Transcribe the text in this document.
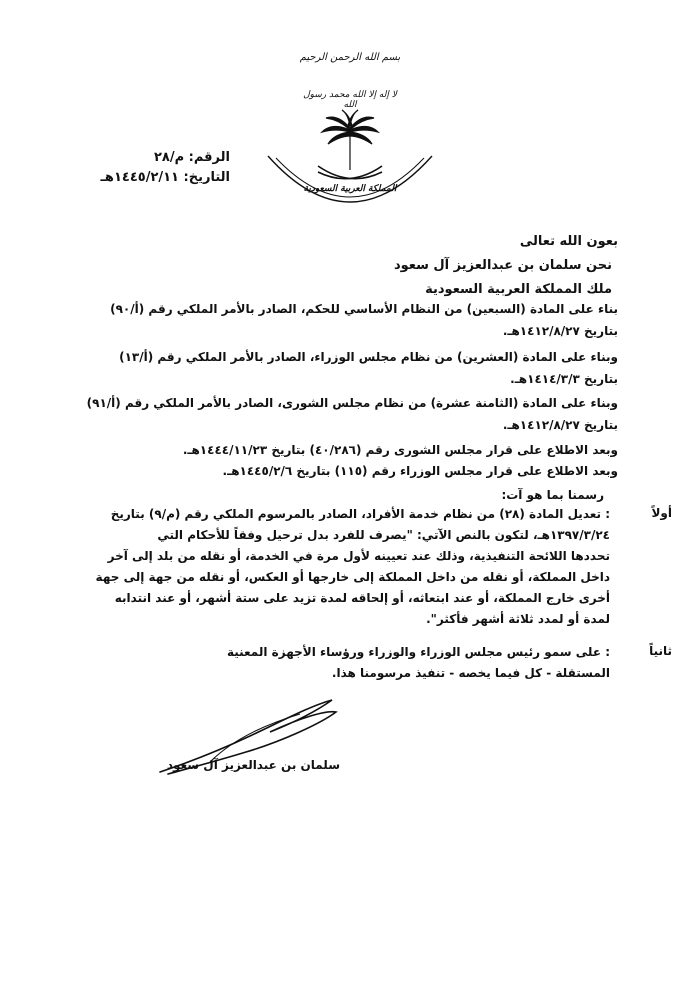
بسم الله الرحمن الرحيم
لا إله إلا الله محمد رسول الله
المملكة العربية السعودية
الرقم: م/٢٨
التاريخ: ١٤٤٥/٢/١١هـ
بعون الله تعالى
نحن سلمان بن عبدالعزيز آل سعود
ملك المملكة العربية السعودية
بناء على المادة (السبعين) من النظام الأساسي للحكم، الصادر بالأمر الملكي رقم (أ/٩٠)
بتاريخ ١٤١٢/٨/٢٧هـ.
وبناء على المادة (العشرين) من نظام مجلس الوزراء، الصادر بالأمر الملكي رقم (أ/١٣)
بتاريخ ١٤١٤/٣/٣هـ.
وبناء على المادة (الثامنة عشرة) من نظام مجلس الشورى، الصادر بالأمر الملكي رقم (أ/٩١)
بتاريخ ١٤١٢/٨/٢٧هـ.
وبعد الاطلاع على قرار مجلس الشورى رقم (٤٠/٢٨٦) بتاريخ ١٤٤٤/١١/٢٣هـ.
وبعد الاطلاع على قرار مجلس الوزراء رقم (١١٥) بتاريخ ١٤٤٥/٢/٦هـ.
رسمنا بما هو آت:
أولاً
: تعديل المادة (٢٨) من نظام خدمة الأفراد، الصادر بالمرسوم الملكي رقم (م/٩) بتاريخ
١٣٩٧/٣/٢٤هـ، لتكون بالنص الآتي: "يصرف للفرد بدل ترحيل وفقاً للأحكام التي
تحددها اللائحة التنفيذية، وذلك عند تعيينه لأول مرة في الخدمة، أو نقله من بلد إلى آخر
داخل المملكة، أو نقله من داخل المملكة إلى خارجها أو العكس، أو نقله من جهة إلى جهة
أخرى خارج المملكة، أو عند ابتعاثه، أو إلحاقه لمدة تزيد على ستة أشهر، أو عند انتدابه
لمدة أو لمدد ثلاثة أشهر فأكثر".
ثانياً
: على سمو رئيس مجلس الوزراء والوزراء ورؤساء الأجهزة المعنية
المستقلة - كل فيما يخصه - تنفيذ مرسومنا هذا.
سلمان بن عبدالعزيز آل سعود
